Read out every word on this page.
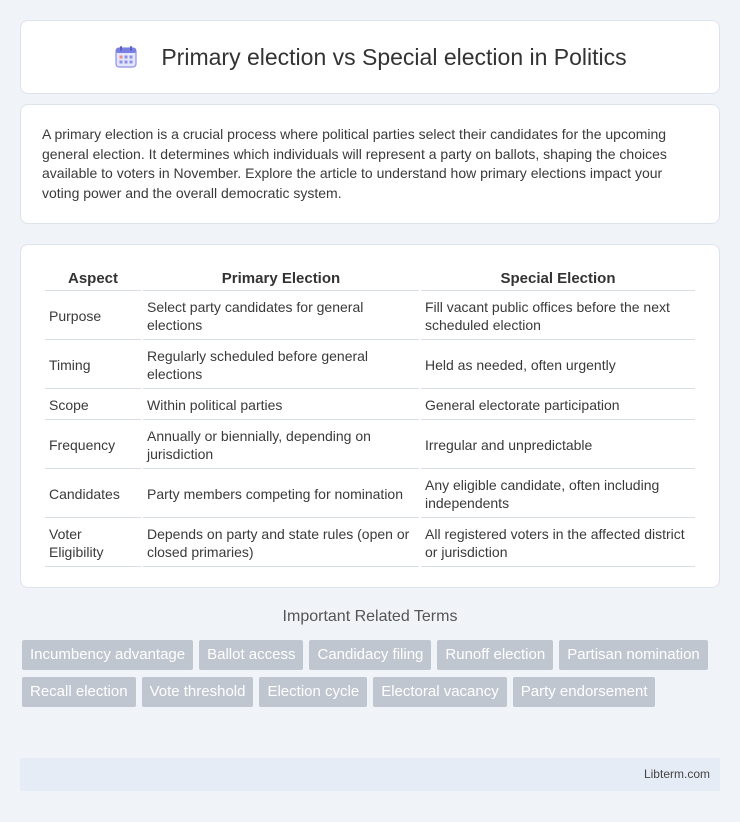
Primary election vs Special election in Politics

A primary election is a crucial process where political parties select their candidates for the upcoming general election. It determines which individuals will represent a party on ballots, shaping the choices available to voters in November. Explore the article to understand how primary elections impact your voting power and the overall democratic system.

Aspect	Primary Election	Special Election
Purpose	Select party candidates for general elections	Fill vacant public offices before the next scheduled election
Timing	Regularly scheduled before general elections	Held as needed, often urgently
Scope	Within political parties	General electorate participation
Frequency	Annually or biennially, depending on jurisdiction	Irregular and unpredictable
Candidates	Party members competing for nomination	Any eligible candidate, often including independents
Voter Eligibility	Depends on party and state rules (open or closed primaries)	All registered voters in the affected district or jurisdiction
Important Related Terms
Incumbency advantage	Ballot access	Candidacy filing	Runoff election	Partisan nomination
Recall election	Vote threshold	Election cycle	Electoral vacancy	Party endorsement
Libterm.com
